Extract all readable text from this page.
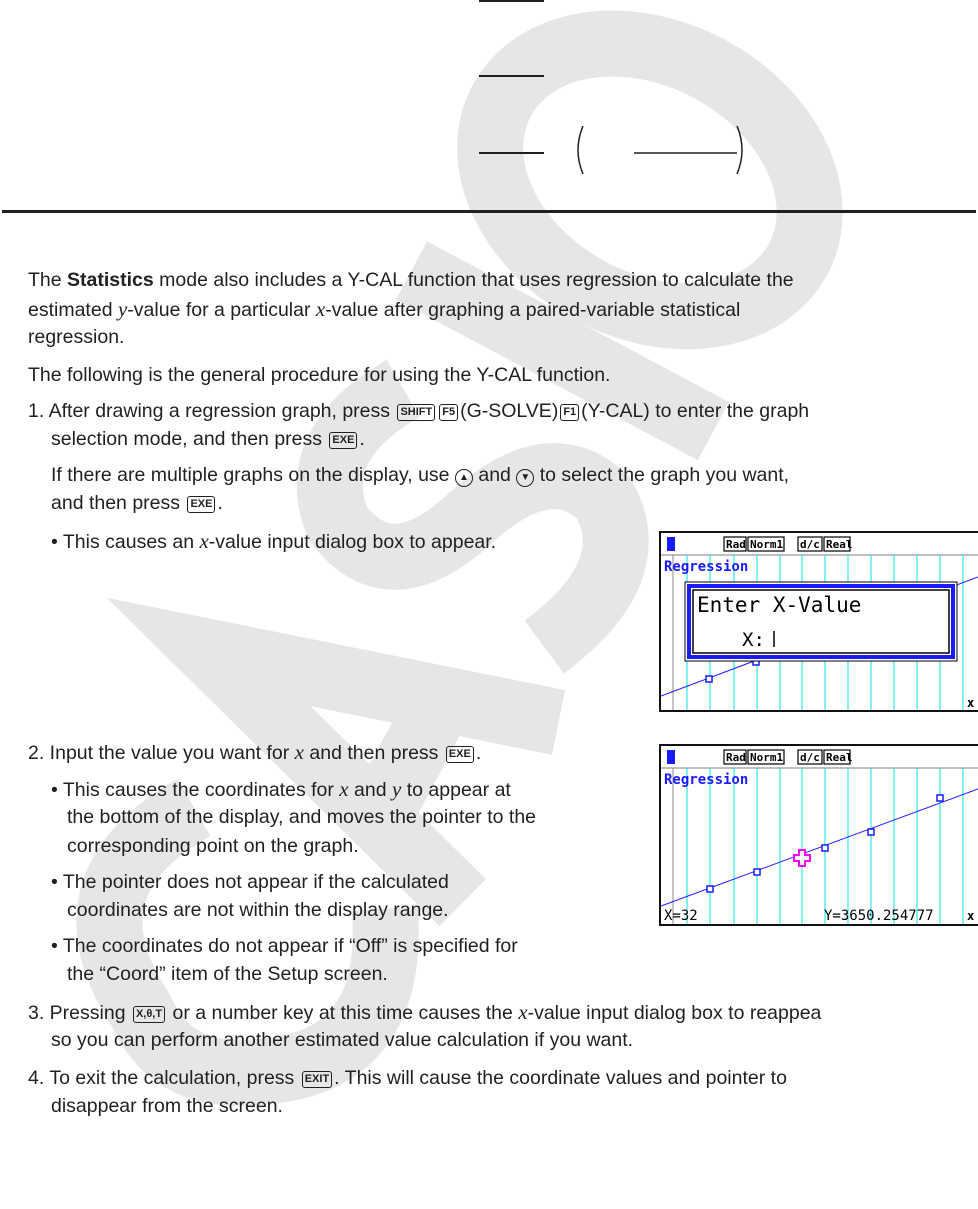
The Statistics mode also includes a Y-CAL function that uses regression to calculate the
estimated y-value for a particular x-value after graphing a paired-variable statistical
regression.
The following is the general procedure for using the Y-CAL function.
1. After drawing a regression graph, press SHIFT F5 (G-SOLVE) F1 (Y-CAL) to enter the graph
selection mode, and then press EXE .
If there are multiple graphs on the display, use ▲ and ▼ to select the graph you want,
and then press EXE .
• This causes an x-value input dialog box to appear.
2. Input the value you want for x and then press EXE .
• This causes the coordinates for x and y to appear at
the bottom of the display, and moves the pointer to the
corresponding point on the graph.
• The pointer does not appear if the calculated
coordinates are not within the display range.
• The coordinates do not appear if “Off” is specified for
the “Coord” item of the Setup screen.
3. Pressing X,θ,T or a number key at this time causes the x-value input dialog box to reappea
so you can perform another estimated value calculation if you want.
4. To exit the calculation, press EXIT . This will cause the coordinate values and pointer to
disappear from the screen.
Rad Norm1 d/c Real
Regression
x
Enter X-Value
X:
Rad Norm1 d/c Real
Regression
X=32	Y=3650.254777	x
